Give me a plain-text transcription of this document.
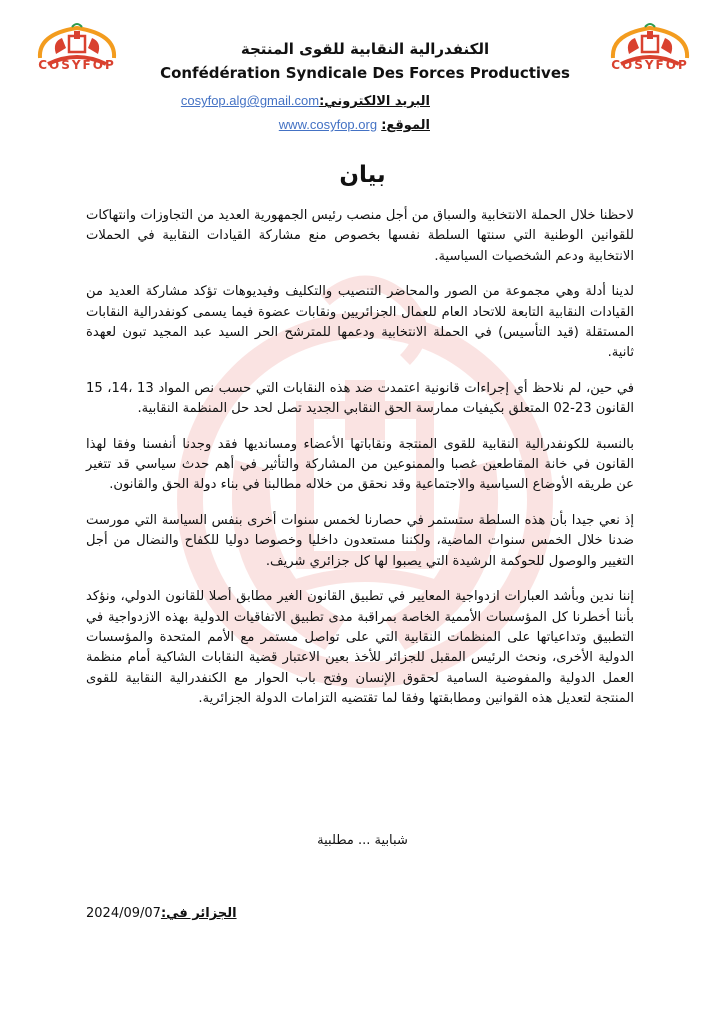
COSYFOP	COSYFOP
الكنفدرالية النقابية للقوى المنتجة
Confédération Syndicale Des Forces Productives
البريد الالكتروني:cosyfop.alg@gmail.com
الموقع: www.cosyfop.org
بيان

لاحظنا خلال الحملة الانتخابية والسباق من أجل منصب رئيس الجمهورية العديد من التجاوزات وانتهاكات للقوانين الوطنية التي سنتها السلطة نفسها بخصوص منع مشاركة القيادات النقابية في الحملات الانتخابية ودعم الشخصيات السياسية.

لدينا أدلة وهي مجموعة من الصور والمحاضر التنصيب والتكليف وفيديوهات تؤكد مشاركة العديد من القيادات النقابية التابعة للاتحاد العام للعمال الجزائريين ونقابات عضوة فيما يسمى كونفدرالية النقابات المستقلة (قيد التأسيس) في الحملة الانتخابية ودعمها للمترشح الحر السيد عبد المجيد تبون لعهدة ثانية.

في حين، لم نلاحظ أي إجراءات قانونية اعتمدت ضد هذه النقابات التي حسب نص المواد 13 ،14، 15 القانون 23-02 المتعلق بكيفيات ممارسة الحق النقابي الجديد تصل لحد حل المنظمة النقابية.

بالنسبة للكونفدرالية النقابية للقوى المنتجة ونقاباتها الأعضاء ومسانديها فقد وجدنا أنفسنا وفقا لهذا القانون في خانة المقاطعين غصبا والممنوعين من المشاركة والتأثير في أهم حدث سياسي قد تتغير عن طريقه الأوضاع السياسية والاجتماعية وقد نحقق من خلاله مطالبنا في بناء دولة الحق والقانون.

إذ نعي جيدا بأن هذه السلطة ستستمر في حصارنا لخمس سنوات أخرى بنفس السياسة التي مورست ضدنا خلال الخمس سنوات الماضية، ولكننا مستعدون داخليا وخصوصا دوليا للكفاح والنضال من أجل التغيير والوصول للحوكمة الرشيدة التي يصبوا لها كل جزائري شريف.

إننا ندين وبأشد العبارات ازدواجية المعايير في تطبيق القانون الغير مطابق أصلا للقانون الدولي، ونؤكد بأننا أخطرنا كل المؤسسات الأممية الخاصة بمراقبة مدى تطبيق الاتفاقيات الدولية بهذه الازدواجية في التطبيق وتداعياتها على المنظمات النقابية التي على تواصل مستمر مع الأمم المتحدة والمؤسسات الدولية الأخرى، ونحث الرئيس المقبل للجزائر للأخذ بعين الاعتبار قضية النقابات الشاكية أمام منظمة العمل الدولية والمفوضية السامية لحقوق الإنسان وفتح باب الحوار مع الكنفدرالية النقابية للقوى المنتجة لتعديل هذه القوانين ومطابقتها وفقا لما تقتضيه التزامات الدولة الجزائرية.

شبابية ... مطلبية
2024/09/07الجزائر في:
